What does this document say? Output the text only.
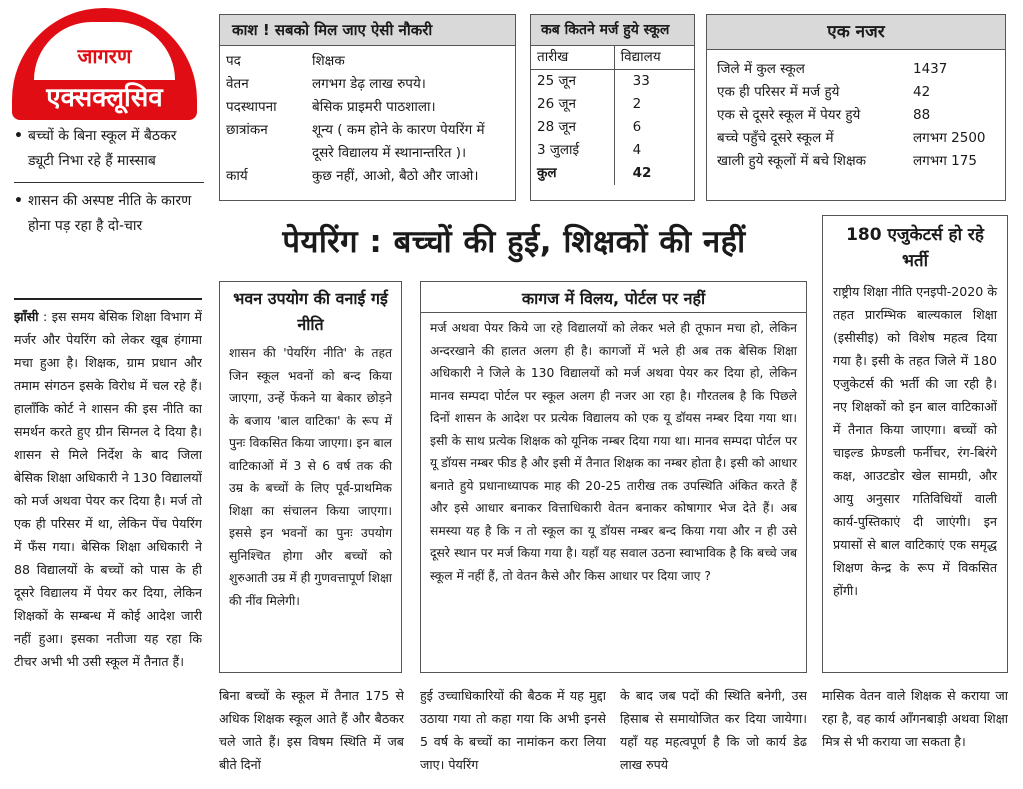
जागरण
एक्सक्लूसिव
• बच्चों के बिना स्कूल में बैठकर ड्यूटी निभा रहे हैं मास्साब
• शासन की अस्पष्ट नीति के कारण होना पड़ रहा है दो-चार
झाँसी : इस समय बेसिक शिक्षा विभाग में मर्जर और पेयरिंग को लेकर खूब हंगामा मचा हुआ है। शिक्षक, ग्राम प्रधान और तमाम संगठन इसके विरोध में चल रहे हैं। हालाँकि कोर्ट ने शासन की इस नीति का समर्थन करते हुए ग्रीन सिग्नल दे दिया है। शासन से मिले निर्देश के बाद जिला बेसिक शिक्षा अधिकारी ने 130 विद्यालयों को मर्ज अथवा पेयर कर दिया है। मर्ज तो एक ही परिसर में था, लेकिन पेंच पेयरिंग में फँस गया। बेसिक शिक्षा अधिकारी ने 88 विद्यालयों के बच्चों को पास के ही दूसरे विद्यालय में पेयर कर दिया, लेकिन शिक्षकों के सम्बन्ध में कोई आदेश जारी नहीं हुआ। इसका नतीजा यह रहा कि टीचर अभी भी उसी स्कूल में तैनात हैं।
काश ! सबको मिल जाए ऐसी नौकरी
पद	शिक्षक
वेतन	लगभग डेढ़ लाख रुपये।
पदस्थापना	बेसिक प्राइमरी पाठशाला।
छात्रांकन	शून्य ( कम होने के कारण पेयरिंग में दूसरे विद्यालय में स्थानान्तरित )।
कार्य	कुछ नहीं, आओ, बैठो और जाओ।
कब कितने मर्ज हुये स्कूल
तारीख	विद्यालय
25 जून	33
26 जून	2
28 जून	6
3 जुलाई	4
कुल	42
एक नजर
जिले में कुल स्कूल	1437
एक ही परिसर में मर्ज हुये	42
एक से दूसरे स्कूल में पेयर हुये	88
बच्चे पहुँचे दूसरे स्कूल में	लगभग 2500
खाली हुये स्कूलों में बचे शिक्षक	लगभग 175
पेयरिंग : बच्चों की हुई, शिक्षकों की नहीं
भवन उपयोग की वनाई गई नीति
शासन की 'पेयरिंग नीति' के तहत जिन स्कूल भवनों को बन्द किया जाएगा, उन्हें फेंकने या बेकार छोड़ने के बजाय 'बाल वाटिका' के रूप में पुनः विकसित किया जाएगा। इन बाल वाटिकाओं में 3 से 6 वर्ष तक की उम्र के बच्चों के लिए पूर्व-प्राथमिक शिक्षा का संचालन किया जाएगा। इससे इन भवनों का पुनः उपयोग सुनिश्चित होगा और बच्चों को शुरुआती उम्र में ही गुणवत्तापूर्ण शिक्षा की नींव मिलेगी।
कागज में विलय, पोर्टल पर नहीं
मर्ज अथवा पेयर किये जा रहे विद्यालयों को लेकर भले ही तूफान मचा हो, लेकिन अन्दरखाने की हालत अलग ही है। कागजों में भले ही अब तक बेसिक शिक्षा अधिकारी ने जिले के 130 विद्यालयों को मर्ज अथवा पेयर कर दिया हो, लेकिन मानव सम्पदा पोर्टल पर स्कूल अलग ही नजर आ रहा है। गौरतलब है कि पिछले दिनों शासन के आदेश पर प्रत्येक विद्यालय को एक यू डॉयस नम्बर दिया गया था। इसी के साथ प्रत्येक शिक्षक को यूनिक नम्बर दिया गया था। मानव सम्पदा पोर्टल पर यू डॉयस नम्बर फीड है और इसी में तैनात शिक्षक का नम्बर होता है। इसी को आधार बनाते हुये प्रधानाध्यापक माह की 20-25 तारीख तक उपस्थिति अंकित करते हैं और इसे आधार बनाकर वित्ताधिकारी वेतन बनाकर कोषागार भेज देते हैं। अब समस्या यह है कि न तो स्कूल का यू डॉयस नम्बर बन्द किया गया और न ही उसे दूसरे स्थान पर मर्ज किया गया है। यहाँ यह सवाल उठना स्वाभाविक है कि बच्चे जब स्कूल में नहीं हैं, तो वेतन कैसे और किस आधार पर दिया जाए ?
180 एजुकेटर्स हो रहे भर्ती
राष्ट्रीय शिक्षा नीति एनइपी-2020 के तहत प्रारम्भिक बाल्यकाल शिक्षा (इसीसीइ) को विशेष महत्व दिया गया है। इसी के तहत जिले में 180 एजुकेटर्स की भर्ती की जा रही है। नए शिक्षकों को इन बाल वाटिकाओं में तैनात किया जाएगा। बच्चों को चाइल्ड फ्रेण्डली फर्नीचर, रंग-बिरंगे कक्ष, आउटडोर खेल सामग्री, और आयु अनुसार गतिविधियों वाली कार्य-पुस्तिकाएं दी जाएंगी। इन प्रयासों से बाल वाटिकाएं एक समृद्ध शिक्षण केन्द्र के रूप में विकसित होंगी।
बिना बच्चों के स्कूल में तैनात 175 से अधिक शिक्षक स्कूल आते हैं और बैठकर चले जाते हैं। इस विषम स्थिति में जब बीते दिनों
हुई उच्चाधिकारियों की बैठक में यह मुद्दा उठाया गया तो कहा गया कि अभी इनसे 5 वर्ष के बच्चों का नामांकन करा लिया जाए। पेयरिंग
के बाद जब पदों की स्थिति बनेगी, उस हिसाब से समायोजित कर दिया जायेगा। यहाँ यह महत्वपूर्ण है कि जो कार्य डेढ लाख रुपये
मासिक वेतन वाले शिक्षक से कराया जा रहा है, वह कार्य आँगनबाड़ी अथवा शिक्षा मित्र से भी कराया जा सकता है।
